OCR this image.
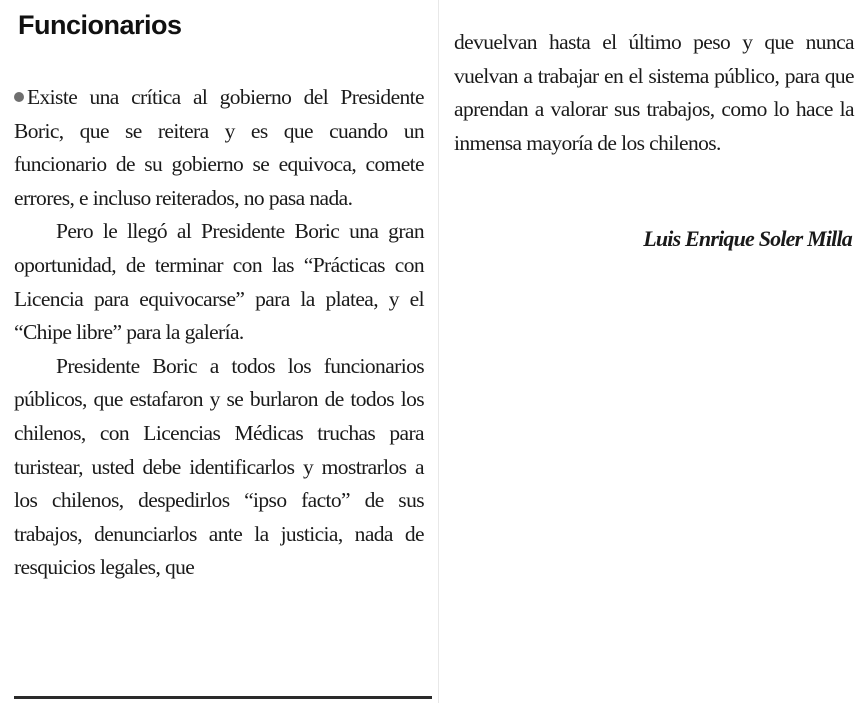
Funcionarios

Existe una crítica al gobierno del Presidente Boric, que se reitera y es que cuando un funcionario de su gobierno se equivoca, comete errores, e incluso reiterados, no pasa nada.

Pero le llegó al Presidente Boric una gran oportunidad, de terminar con las “Prácticas con Licencia para equivocarse” para la platea, y el “Chipe libre” para la galería.

Presidente Boric a todos los funcionarios públicos, que estafaron y se burlaron de todos los chilenos, con Licencias Médicas truchas para turistear, usted debe identificarlos y mostrarlos a los chilenos, despedirlos “ipso facto” de sus trabajos, denunciarlos ante la justicia, nada de resquicios legales, que

devuelvan hasta el último peso y que nunca vuelvan a trabajar en el sistema público, para que aprendan a valorar sus trabajos, como lo hace la inmensa mayoría de los chilenos.

Luis Enrique Soler Milla
